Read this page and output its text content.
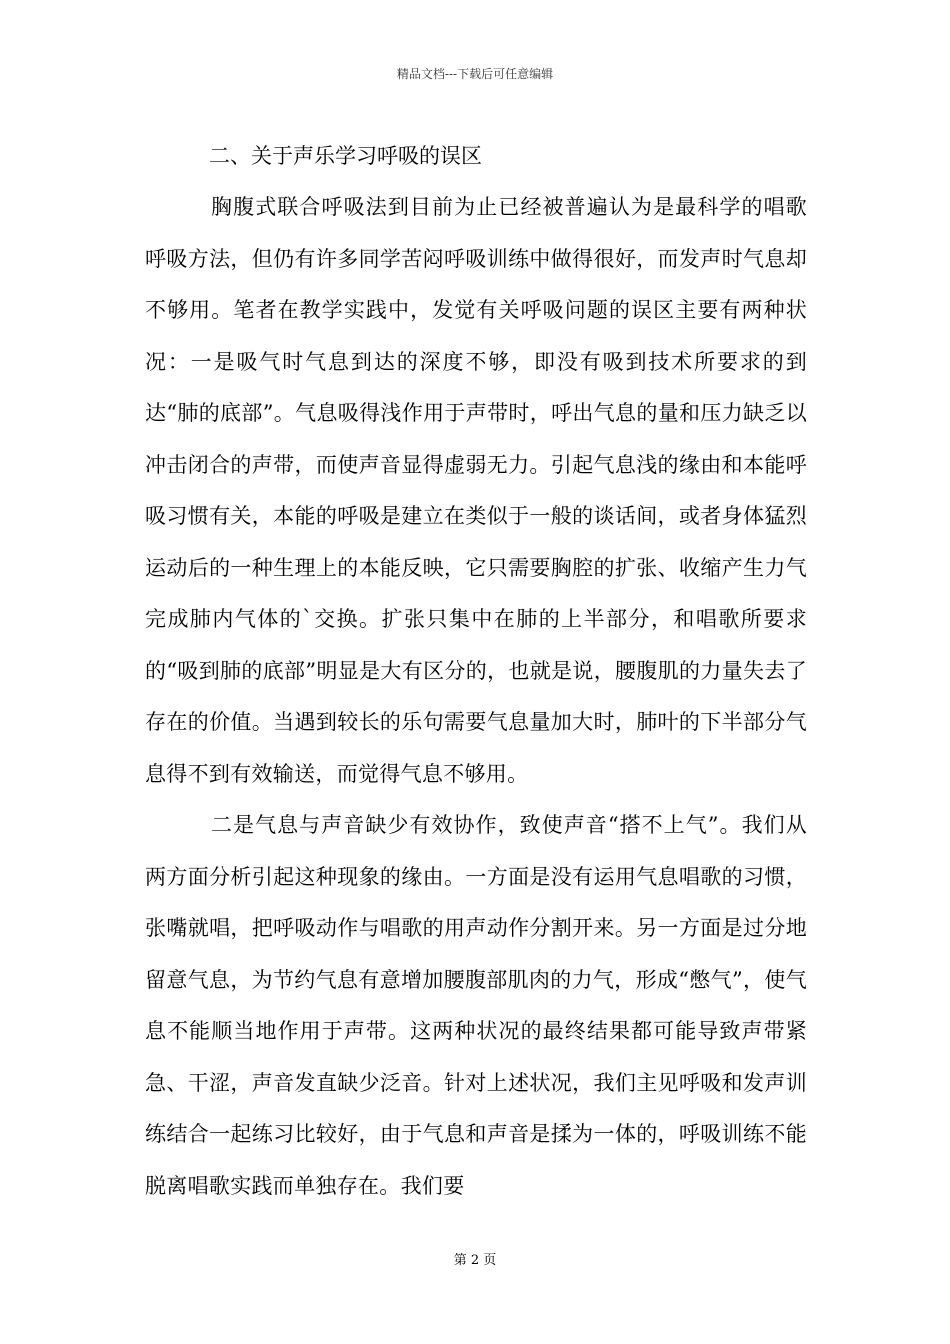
精品文档---下载后可任意编辑
二、关于声乐学习呼吸的误区

胸腹式联合呼吸法到目前为止已经被普遍认为是最科学的唱歌呼吸方法，但仍有许多同学苦闷呼吸训练中做得很好，而发声时气息却不够用。笔者在教学实践中，发觉有关呼吸问题的误区主要有两种状况：一是吸气时气息到达的深度不够，即没有吸到技术所要求的到达“肺的底部”。气息吸得浅作用于声带时，呼出气息的量和压力缺乏以冲击闭合的声带，而使声音显得虚弱无力。引起气息浅的缘由和本能呼吸习惯有关，本能的呼吸是建立在类似于一般的谈话间，或者身体猛烈运动后的一种生理上的本能反映，它只需要胸腔的扩张、收缩产生力气完成肺内气体的`交换。扩张只集中在肺的上半部分，和唱歌所要求的“吸到肺的底部”明显是大有区分的，也就是说，腰腹肌的力量失去了存在的价值。当遇到较长的乐句需要气息量加大时，肺叶的下半部分气息得不到有效输送，而觉得气息不够用。

二是气息与声音缺少有效协作，致使声音“搭不上气”。我们从两方面分析引起这种现象的缘由。一方面是没有运用气息唱歌的习惯，张嘴就唱，把呼吸动作与唱歌的用声动作分割开来。另一方面是过分地留意气息，为节约气息有意增加腰腹部肌肉的力气，形成“憋气”，使气息不能顺当地作用于声带。这两种状况的最终结果都可能导致声带紧急、干涩，声音发直缺少泛音。针对上述状况，我们主见呼吸和发声训练结合一起练习比较好，由于气息和声音是揉为一体的，呼吸训练不能脱离唱歌实践而单独存在。我们要

第 2 页
